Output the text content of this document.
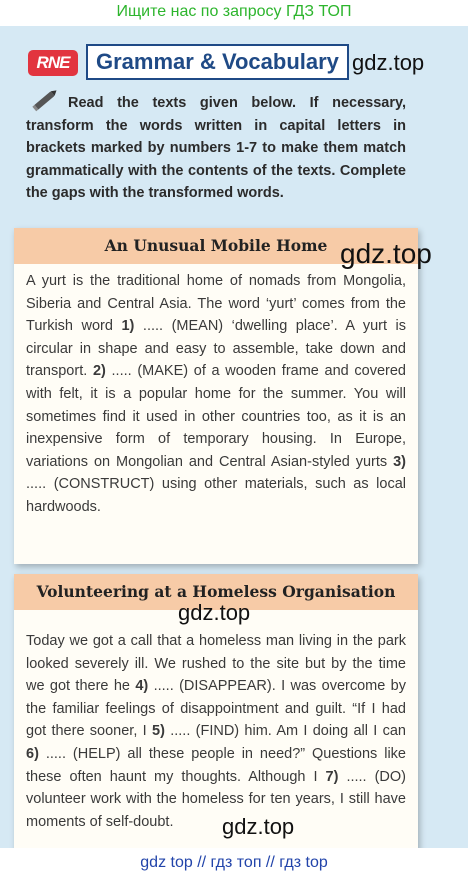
Ищите нас по запросу ГДЗ ТОП
RNE	Grammar & Vocabulary gdz.top
Read the texts given below. If necessary, transform the words written in capital letters in brackets marked by numbers 1-7 to make them match grammatically with the contents of the texts. Complete the gaps with the transformed words.
An Unusual Mobile Home
A yurt is the traditional home of nomads from Mongolia, Siberia and Central Asia. The word ‘yurt’ comes from the Turkish word 1) ..... (MEAN) ‘dwelling place’. A yurt is circular in shape and easy to assemble, take down and transport. 2) ..... (MAKE) of a wooden frame and covered with felt, it is a popular home for the summer. You will sometimes find it used in other countries too, as it is an inexpensive form of temporary housing. In Europe, variations on Mongolian and Central Asian-styled yurts 3) ..... (CONSTRUCT) using other materials, such as local hardwoods.
gdz.top
Volunteering at a Homeless Organisation
Today we got a call that a homeless man living in the park looked severely ill. We rushed to the site but by the time we got there he 4) ..... (DISAPPEAR). I was overcome by the familiar feelings of disappointment and guilt. “If I had got there sooner, I 5) ..... (FIND) him. Am I doing all I can 6) ..... (HELP) all these people in need?” Questions like these often haunt my thoughts. Although I 7) ..... (DO) volunteer work with the homeless for ten years, I still have moments of self-doubt.
gdz.top
gdz.top
gdz top // гдз топ // гдз top
